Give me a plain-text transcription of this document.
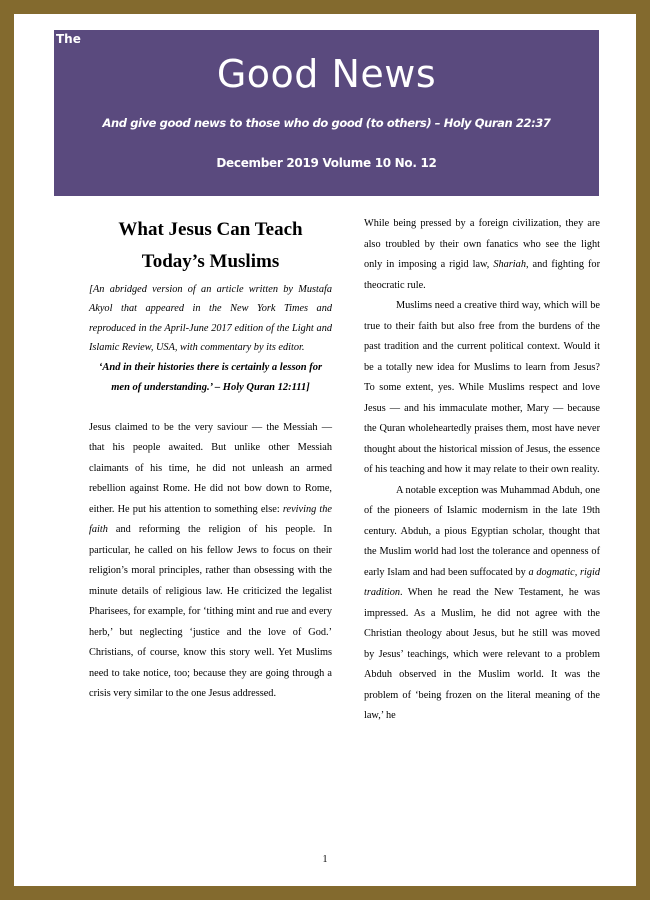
The
Good News
And give good news to those who do good (to others) – Holy Quran 22:37
December 2019 Volume 10 No. 12
What Jesus Can Teach
Today’s Muslims

[An abridged version of an article written by Mustafa Akyol that appeared in the New York Times and reproduced in the April-June 2017 edition of the Light and Islamic Review, USA, with commentary by its editor.

‘And in their histories there is certainly a lesson for men of understanding.’ – Holy Quran 12:111]

Jesus claimed to be the very saviour — the Messiah — that his people awaited. But unlike other Messiah claimants of his time, he did not unleash an armed rebellion against Rome. He did not bow down to Rome, either. He put his attention to something else: reviving the faith and reforming the religion of his people. In particular, he called on his fellow Jews to focus on their religion’s moral principles, rather than obsessing with the minute details of religious law. He criticized the legalist Pharisees, for example, for ‘tithing mint and rue and every herb,’ but neglecting ‘justice and the love of God.’ Christians, of course, know this story well. Yet Muslims need to take notice, too; because they are going through a crisis very similar to the one Jesus addressed.

While being pressed by a foreign civilization, they are also troubled by their own fanatics who see the light only in imposing a rigid law, Shariah, and fighting for theocratic rule.

Muslims need a creative third way, which will be true to their faith but also free from the burdens of the past tradition and the current political context. Would it be a totally new idea for Muslims to learn from Jesus? To some extent, yes. While Muslims respect and love Jesus — and his immaculate mother, Mary — because the Quran wholeheartedly praises them, most have never thought about the historical mission of Jesus, the essence of his teaching and how it may relate to their own reality.

A notable exception was Muhammad Abduh, one of the pioneers of Islamic modernism in the late 19th century. Abduh, a pious Egyptian scholar, thought that the Muslim world had lost the tolerance and openness of early Islam and had been suffocated by a dogmatic, rigid tradition. When he read the New Testament, he was impressed. As a Muslim, he did not agree with the Christian theology about Jesus, but he still was moved by Jesus’ teachings, which were relevant to a problem Abduh observed in the Muslim world. It was the problem of ‘being frozen on the literal meaning of the law,’ he

1
